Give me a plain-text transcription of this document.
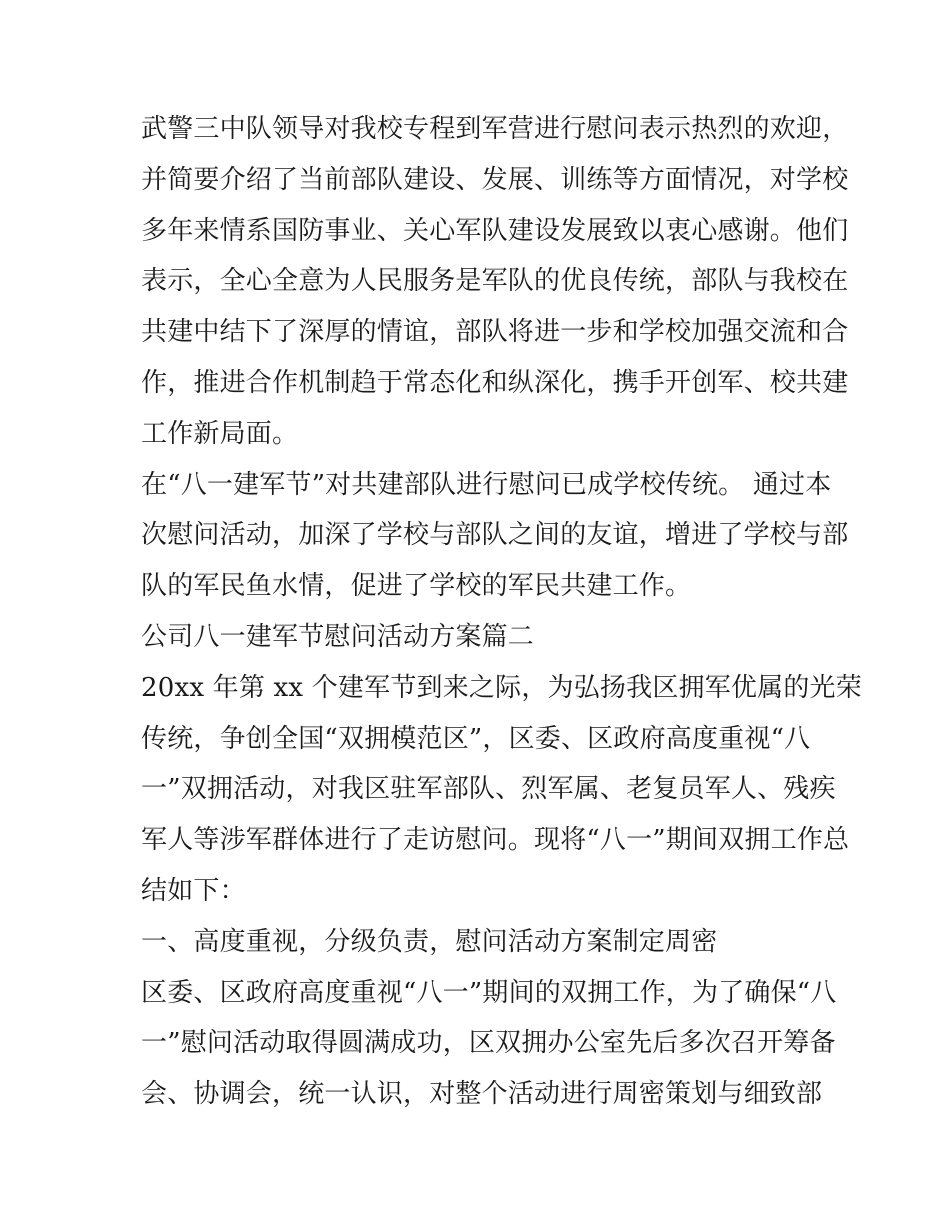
武警三中队领导对我校专程到军营进行慰问表示热烈的欢迎，
并简要介绍了当前部队建设、发展、训练等方面情况，对学校
多年来情系国防事业、关心军队建设发展致以衷心感谢。他们
表示，全心全意为人民服务是军队的优良传统，部队与我校在
共建中结下了深厚的情谊，部队将进一步和学校加强交流和合
作，推进合作机制趋于常态化和纵深化，携手开创军、校共建
工作新局面。
在“八一建军节”对共建部队进行慰问已成学校传统。 通过本
次慰问活动，加深了学校与部队之间的友谊，增进了学校与部
队的军民鱼水情，促进了学校的军民共建工作。
公司八一建军节慰问活动方案篇二
20xx 年第 xx 个建军节到来之际，为弘扬我区拥军优属的光荣
传统，争创全国“双拥模范区”，区委、区政府高度重视“八
一”双拥活动，对我区驻军部队、烈军属、老复员军人、残疾
军人等涉军群体进行了走访慰问。现将“八一”期间双拥工作总
结如下：
一、高度重视，分级负责，慰问活动方案制定周密
区委、区政府高度重视“八一”期间的双拥工作，为了确保“八
一”慰问活动取得圆满成功，区双拥办公室先后多次召开筹备
会、协调会，统一认识，对整个活动进行周密策划与细致部
